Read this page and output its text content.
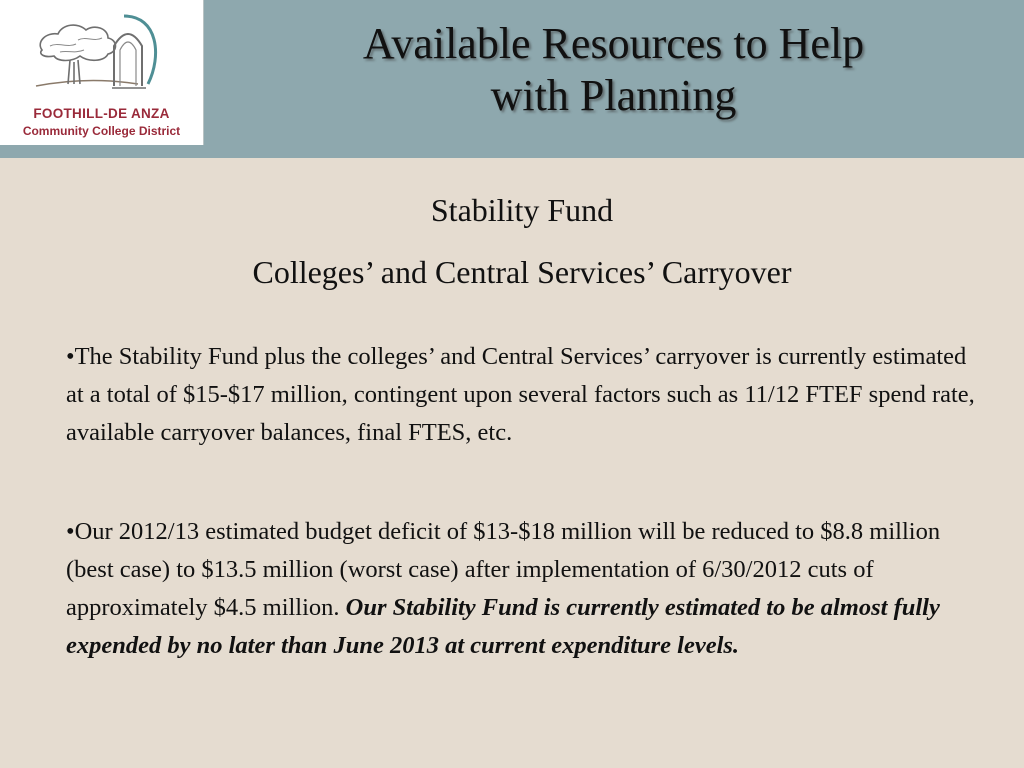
FOOTHILL-DE ANZA
Community College District
Available Resources to Help
with Planning
Stability Fund
Colleges’ and Central Services’ Carryover
•The Stability Fund plus the colleges’ and Central Services’ carryover is currently estimated at a total of $15-$17 million, contingent upon several factors such as 11/12 FTEF spend rate, available carryover balances, final FTES, etc.
•Our 2012/13 estimated budget deficit of $13-$18 million will be reduced to $8.8 million (best case) to $13.5 million (worst case) after implementation of 6/30/2012 cuts of approximately $4.5 million. Our Stability Fund is currently estimated to be almost fully expended by no later than June 2013 at current expenditure levels.
